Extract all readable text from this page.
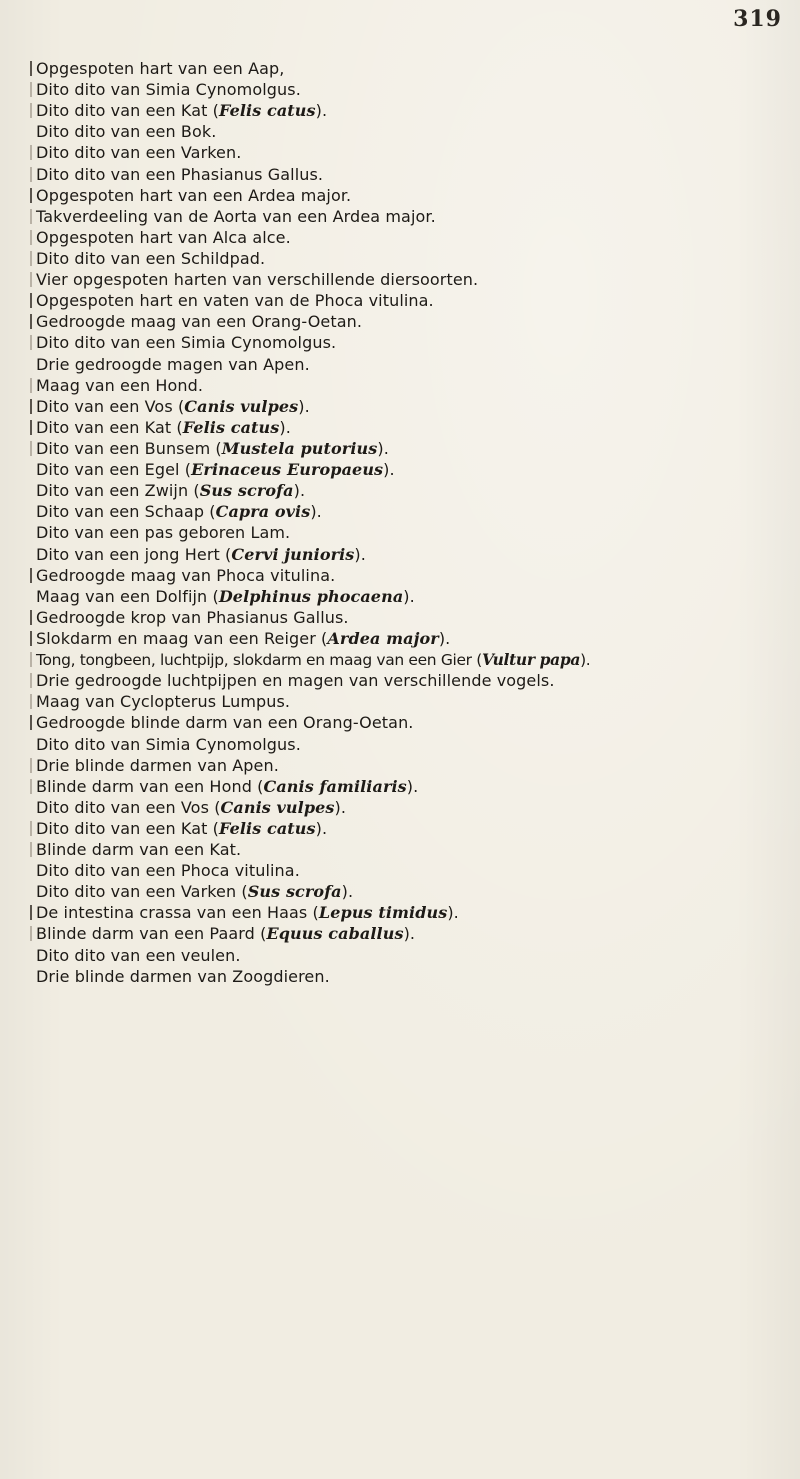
319
Opgespoten hart van een Aap,
Dito dito van Simia Cynomolgus.
Dito dito van een Kat (Felis catus).
Dito dito van een Bok.
Dito dito van een Varken.
Dito dito van een Phasianus Gallus.
Opgespoten hart van een Ardea major.
Takverdeeling van de Aorta van een Ardea major.
Opgespoten hart van Alca alce.
Dito dito van een Schildpad.
Vier opgespoten harten van verschillende diersoorten.
Opgespoten hart en vaten van de Phoca vitulina.
Gedroogde maag van een Orang-Oetan.
Dito dito van een Simia Cynomolgus.
Drie gedroogde magen van Apen.
Maag van een Hond.
Dito van een Vos (Canis vulpes).
Dito van een Kat (Felis catus).
Dito van een Bunsem (Mustela putorius).
Dito van een Egel (Erinaceus Europaeus).
Dito van een Zwijn (Sus scrofa).
Dito van een Schaap (Capra ovis).
Dito van een pas geboren Lam.
Dito van een jong Hert (Cervi junioris).
Gedroogde maag van Phoca vitulina.
Maag van een Dolfijn (Delphinus phocaena).
Gedroogde krop van Phasianus Gallus.
Slokdarm en maag van een Reiger (Ardea major).
Tong, tongbeen, luchtpijp, slokdarm en maag van een Gier (Vultur papa).
Drie gedroogde luchtpijpen en magen van verschillende vogels.
Maag van Cyclopterus Lumpus.
Gedroogde blinde darm van een Orang-Oetan.
Dito dito van Simia Cynomolgus.
Drie blinde darmen van Apen.
Blinde darm van een Hond (Canis familiaris).
Dito dito van een Vos (Canis vulpes).
Dito dito van een Kat (Felis catus).
Blinde darm van een Kat.
Dito dito van een Phoca vitulina.
Dito dito van een Varken (Sus scrofa).
De intestina crassa van een Haas (Lepus timidus).
Blinde darm van een Paard (Equus caballus).
Dito dito van een veulen.
Drie blinde darmen van Zoogdieren.
